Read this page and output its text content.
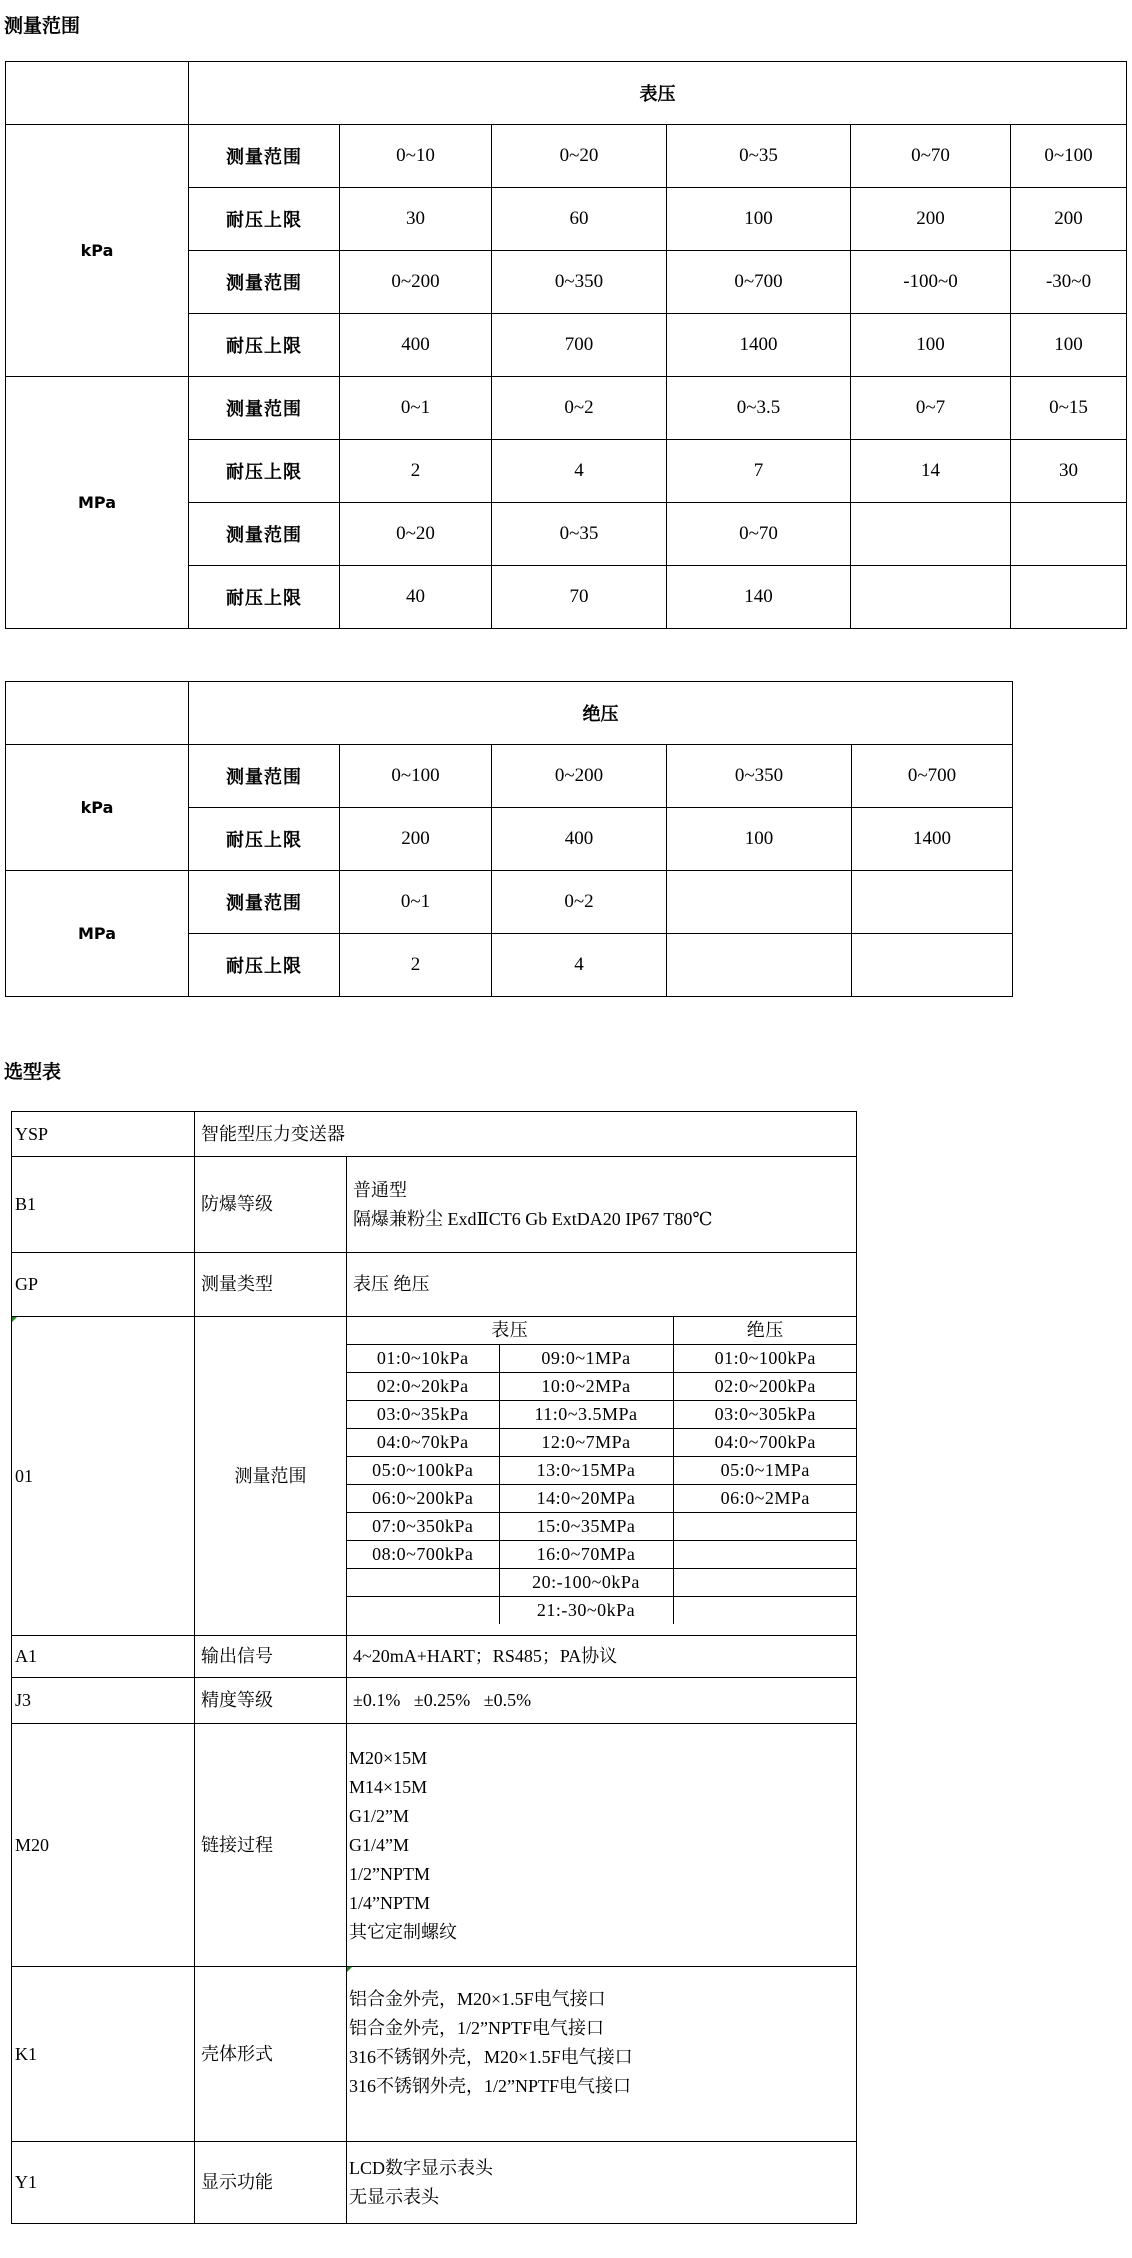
测量范围
	表压					
kPa	测量范围	0~10	0~20	0~35	0~70	0~100
	耐压上限	30	60	100	200	200
	测量范围	0~200	0~350	0~700	-100~0	-30~0
	耐压上限	400	700	1400	100	100
MPa	测量范围	0~1	0~2	0~3.5	0~7	0~15
	耐压上限	2	4	7	14	30
	测量范围	0~20	0~35	0~70		
	耐压上限	40	70	140		
	绝压				
kPa	测量范围	0~100	0~200	0~350	0~700
	耐压上限	200	400	100	1400
MPa	测量范围	0~1	0~2		
	耐压上限	2	4		
选型表
YSP	智能型压力变送器
B1	防爆等级	
普通型
隔爆兼粉尘 ExdⅡCT6 Gb ExtDA20 IP67 T80℃

GP	测量类型	表压 绝压

01	测量范围	
表压	绝压
01:0~10kPa	09:0~1MPa	01:0~100kPa
02:0~20kPa	10:0~2MPa	02:0~200kPa
03:0~35kPa	11:0~3.5MPa	03:0~305kPa
04:0~70kPa	12:0~7MPa	04:0~700kPa
05:0~100kPa	13:0~15MPa	05:0~1MPa
06:0~200kPa	14:0~20MPa	06:0~2MPa
07:0~350kPa	15:0~35MPa	
08:0~700kPa	16:0~70MPa	
	20:-100~0kPa	
	21:-30~0kPa	

A1	输出信号	4~20mA+HART；RS485；PA协议
J3	精度等级	±0.1%   ±0.25%   ±0.5%
M20	链接过程	
M20×15M
M14×15M
G1/2”M
G1/4”M
1/2”NPTM
1/4”NPTM
其它定制螺纹

K1	壳体形式	
铝合金外壳，M20×1.5F电气接口
铝合金外壳，1/2”NPTF电气接口
316不锈钢外壳，M20×1.5F电气接口
316不锈钢外壳，1/2”NPTF电气接口

Y1	显示功能	
LCD数字显示表头
无显示表头
